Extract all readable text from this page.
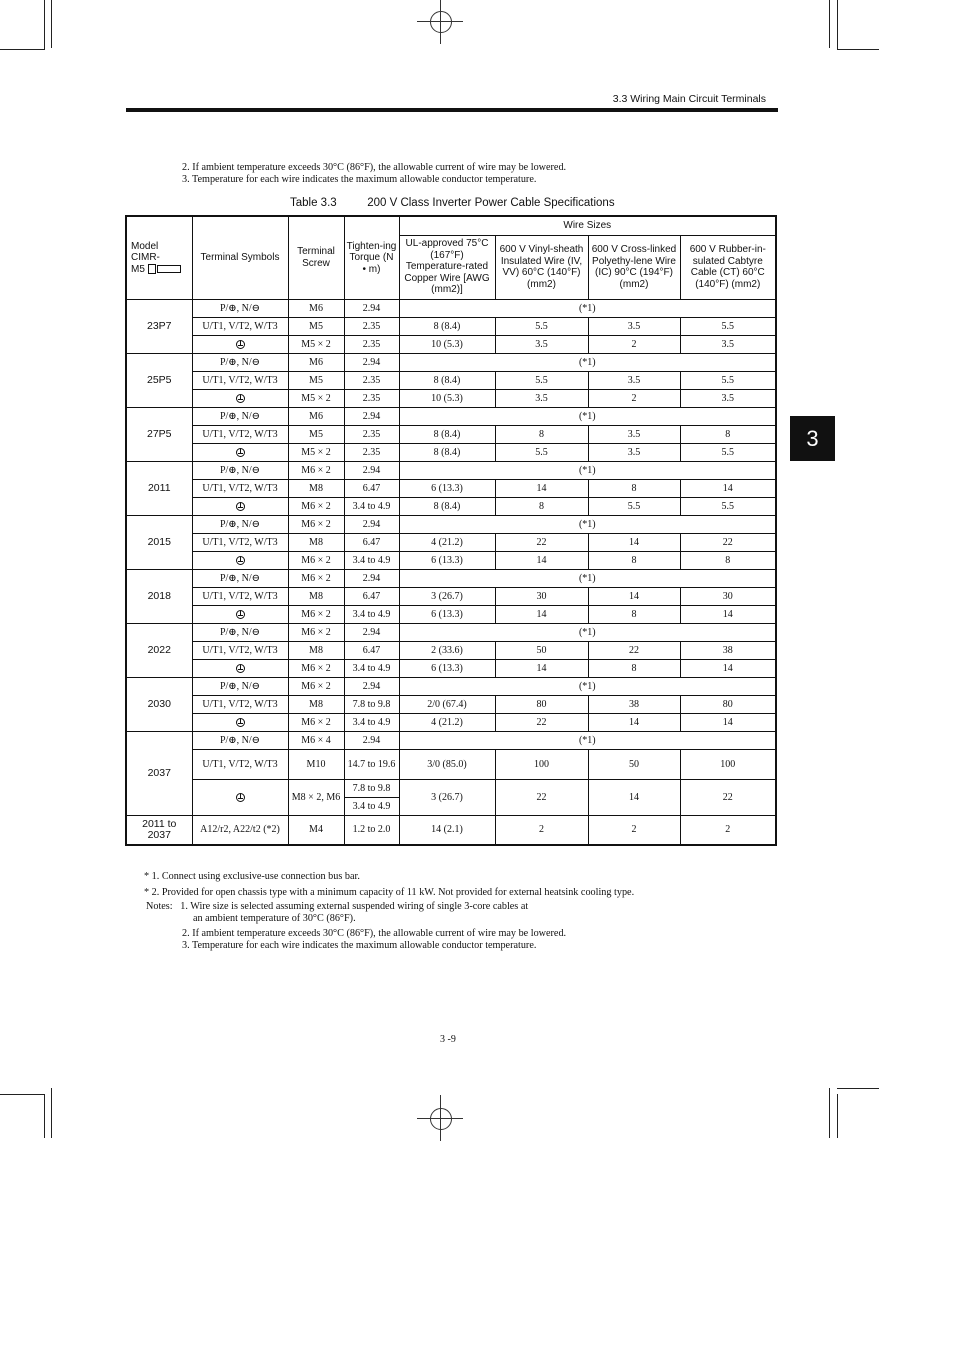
3.3 Wiring Main Circuit Terminals
3
2. If ambient temperature exceeds 30°C (86°F), the allowable current of wire may be lowered.
3. Temperature for each wire indicates the maximum allowable conductor temperature.
Table 3.3	200 V Class Inverter Power Cable Specifications
Model CIMR-
M5	Terminal Symbols	Terminal Screw	Tighten-ing Torque (N • m)	Wire Sizes			
				UL-approved 75°C (167°F) Temperature-rated Copper Wire [AWG (mm2)]	600 V Vinyl-sheath Insulated Wire (IV, VV) 60°C (140°F) (mm2)	600 V Cross-linked Polyethy-lene Wire (IC) 90°C (194°F) (mm2)	600 V Rubber-in-sulated Cabtyre Cable (CT) 60°C (140°F) (mm2)
23P7	P/⊕, N/⊖	M6	2.94	(*1)			
	U/T1, V/T2, W/T3	M5	2.35	8 (8.4)	5.5	3.5	5.5

		M5 × 2	2.35	10 (5.3)	3.5	2	3.5
25P5	P/⊕, N/⊖	M6	2.94	(*1)			
	U/T1, V/T2, W/T3	M5	2.35	8 (8.4)	5.5	3.5	5.5

		M5 × 2	2.35	10 (5.3)	3.5	2	3.5
27P5	P/⊕, N/⊖	M6	2.94	(*1)			
	U/T1, V/T2, W/T3	M5	2.35	8 (8.4)	8	3.5	8

		M5 × 2	2.35	8 (8.4)	5.5	3.5	5.5
2011	P/⊕, N/⊖	M6 × 2	2.94	(*1)			
	U/T1, V/T2, W/T3	M8	6.47	6 (13.3)	14	8	14

		M6 × 2	3.4 to 4.9	8 (8.4)	8	5.5	5.5
2015	P/⊕, N/⊖	M6 × 2	2.94	(*1)			
	U/T1, V/T2, W/T3	M8	6.47	4 (21.2)	22	14	22

		M6 × 2	3.4 to 4.9	6 (13.3)	14	8	8
2018	P/⊕, N/⊖	M6 × 2	2.94	(*1)			
	U/T1, V/T2, W/T3	M8	6.47	3 (26.7)	30	14	30

		M6 × 2	3.4 to 4.9	6 (13.3)	14	8	14
2022	P/⊕, N/⊖	M6 × 2	2.94	(*1)			
	U/T1, V/T2, W/T3	M8	6.47	2 (33.6)	50	22	38

		M6 × 2	3.4 to 4.9	6 (13.3)	14	8	14
2030	P/⊕, N/⊖	M6 × 2	2.94	(*1)			
	U/T1, V/T2, W/T3	M8	7.8 to 9.8	2/0 (67.4)	80	38	80

		M6 × 2	3.4 to 4.9	4 (21.2)	22	14	14
2037	P/⊕, N/⊖	M6 × 4	2.94	(*1)			
	U/T1, V/T2, W/T3	M10	14.7 to 19.6	3/0 (85.0)	100	50	100

		M8 × 2, M6	7.8 to 9.8	3 (26.7)	22	14	22
			3.4 to 4.9				
2011 to 2037	A12/r2, A22/t2 (*2)	M4	1.2 to 2.0	14 (2.1)	2	2	2
* 1. Connect using exclusive-use connection bus bar.
* 2. Provided for open chassis type with a minimum capacity of 11 kW. Not provided for external heatsink cooling type.
Notes:   1. Wire size is selected assuming external suspended wiring of single 3-core cables at
an ambient temperature of 30°C (86°F).
2. If ambient temperature exceeds 30°C (86°F), the allowable current of wire may be lowered.
3. Temperature for each wire indicates the maximum allowable conductor temperature.
3 -9
